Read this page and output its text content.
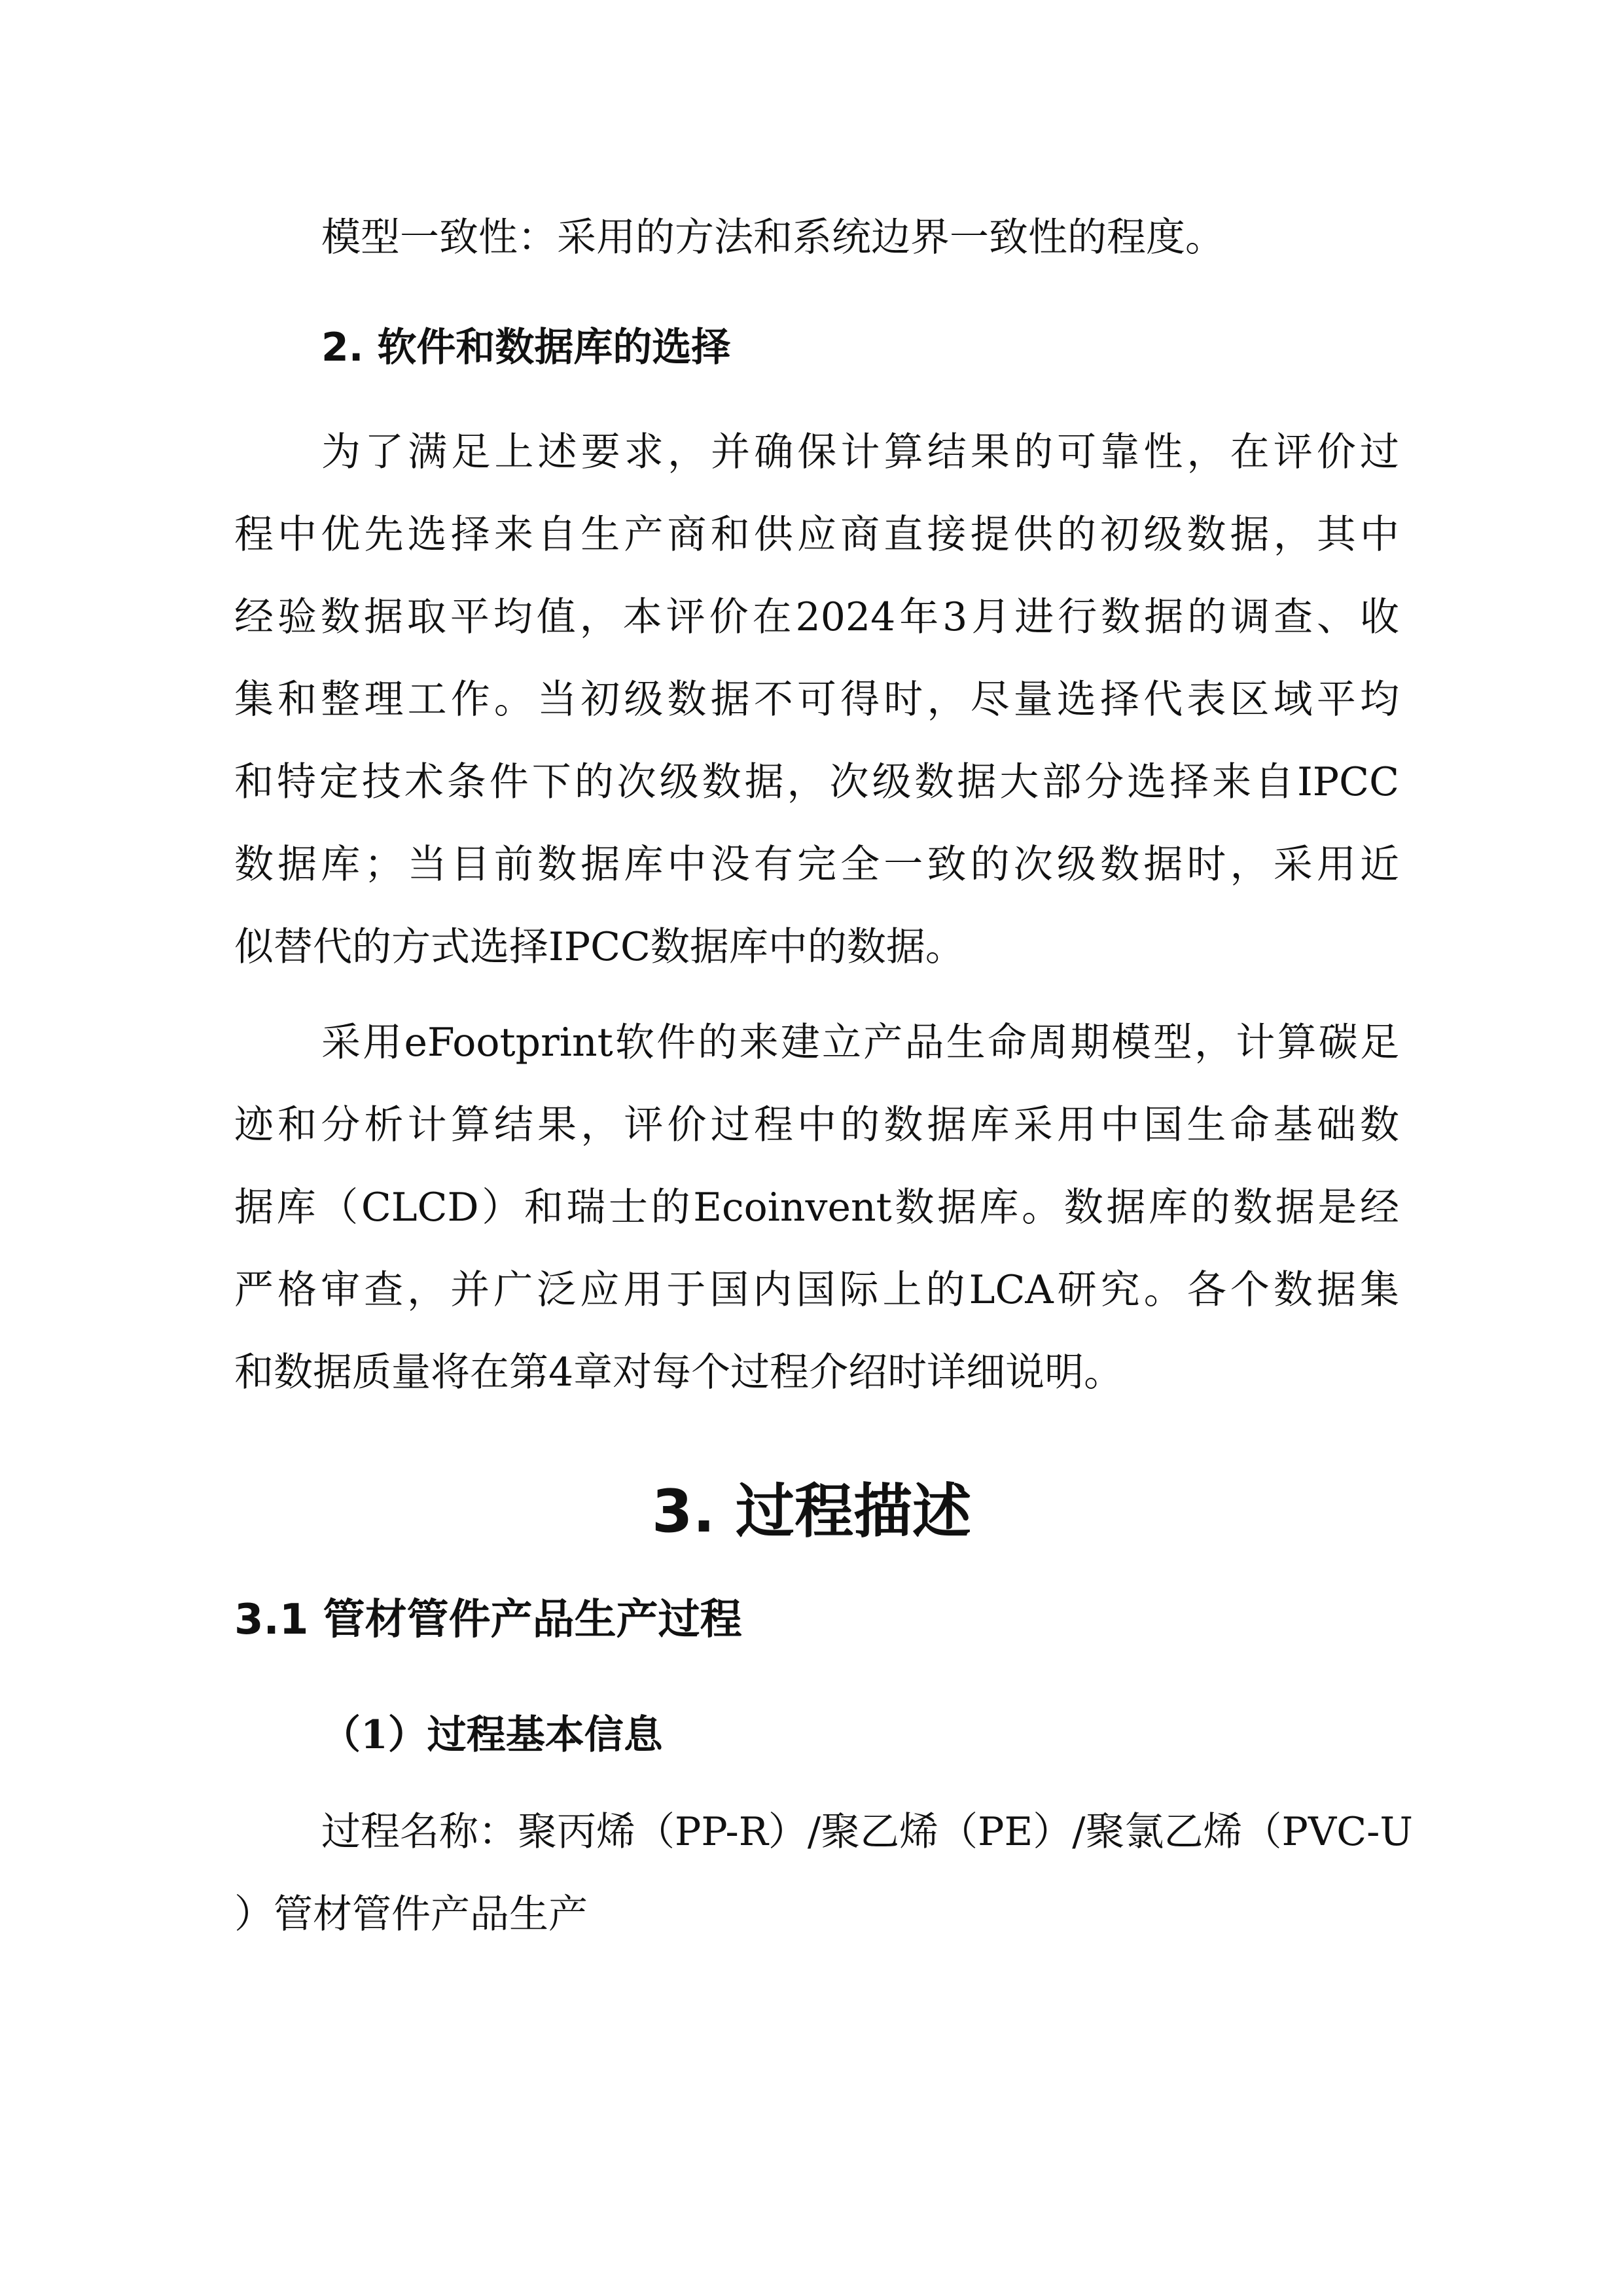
模型一致性：采用的方法和系统边界一致性的程度。
2. 软件和数据库的选择
为了满足上述要求，并确保计算结果的可靠性，在评价过
程中优先选择来自生产商和供应商直接提供的初级数据，其中
经验数据取平均值，本评价在2024年3月进行数据的调查、收
集和整理工作。当初级数据不可得时，尽量选择代表区域平均
和特定技术条件下的次级数据，次级数据大部分选择来自IPCC
数据库；当目前数据库中没有完全一致的次级数据时，采用近
似替代的方式选择IPCC数据库中的数据。
采用eFootprint软件的来建立产品生命周期模型，计算碳足
迹和分析计算结果，评价过程中的数据库采用中国生命基础数
据库（CLCD）和瑞士的Ecoinvent数据库。数据库的数据是经
严格审查，并广泛应用于国内国际上的LCA研究。各个数据集
和数据质量将在第4章对每个过程介绍时详细说明。
3. 过程描述
3.1 管材管件产品生产过程
（1）过程基本信息
过程名称：聚丙烯（PP-R）/聚乙烯（PE）/聚氯乙烯（PVC-U
）管材管件产品生产
